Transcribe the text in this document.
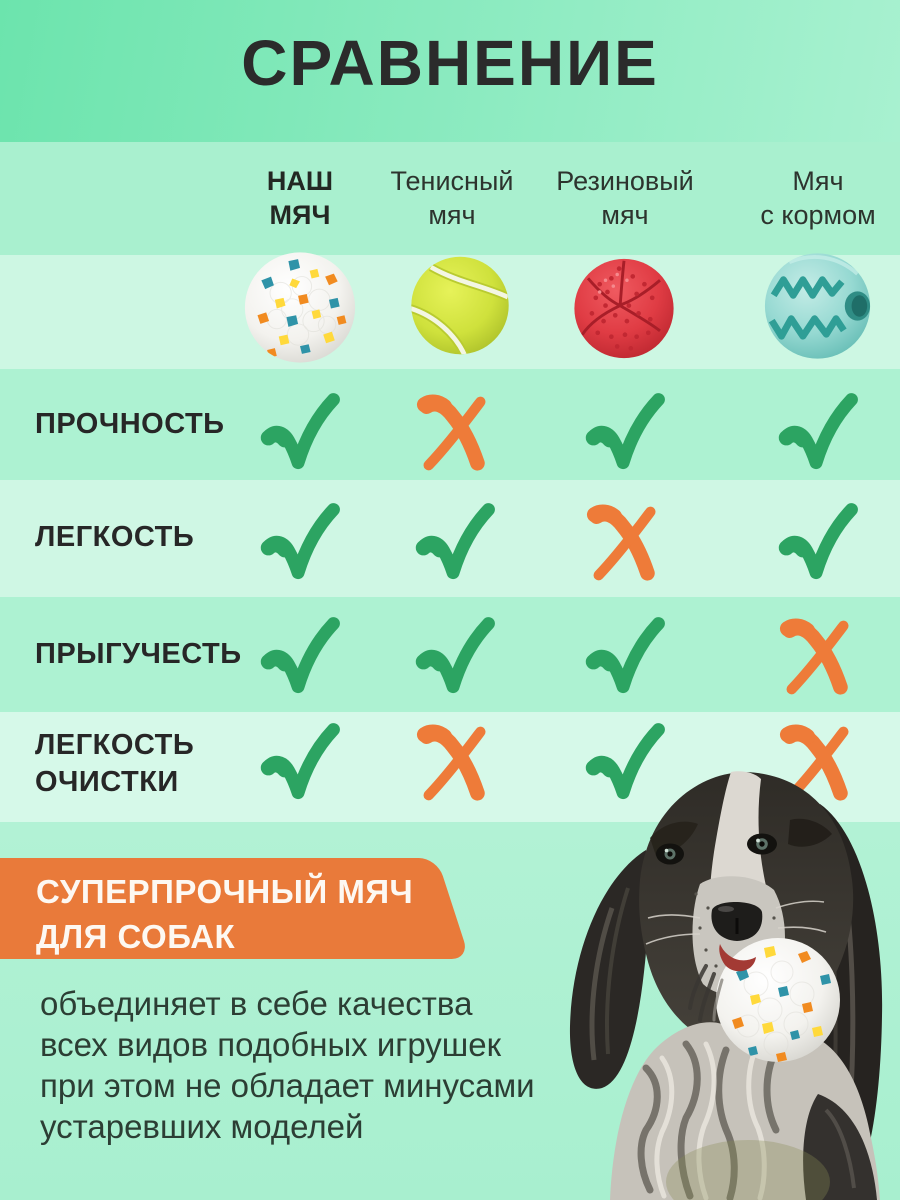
СРАВНЕНИЕ
НАШ
МЯЧ
Тенисный
мяч
Резиновый
мяч
Мяч
с кормом
ПРОЧНОСТЬ
ЛЕГКОСТЬ
ПРЫГУЧЕСТЬ
ЛЕГКОСТЬ
ОЧИСТКИ
СУПЕРПРОЧНЫЙ МЯЧ
ДЛЯ СОБАК
объединяет в себе качества
всех видов подобных игрушек
при этом не обладает минусами
устаревших моделей
